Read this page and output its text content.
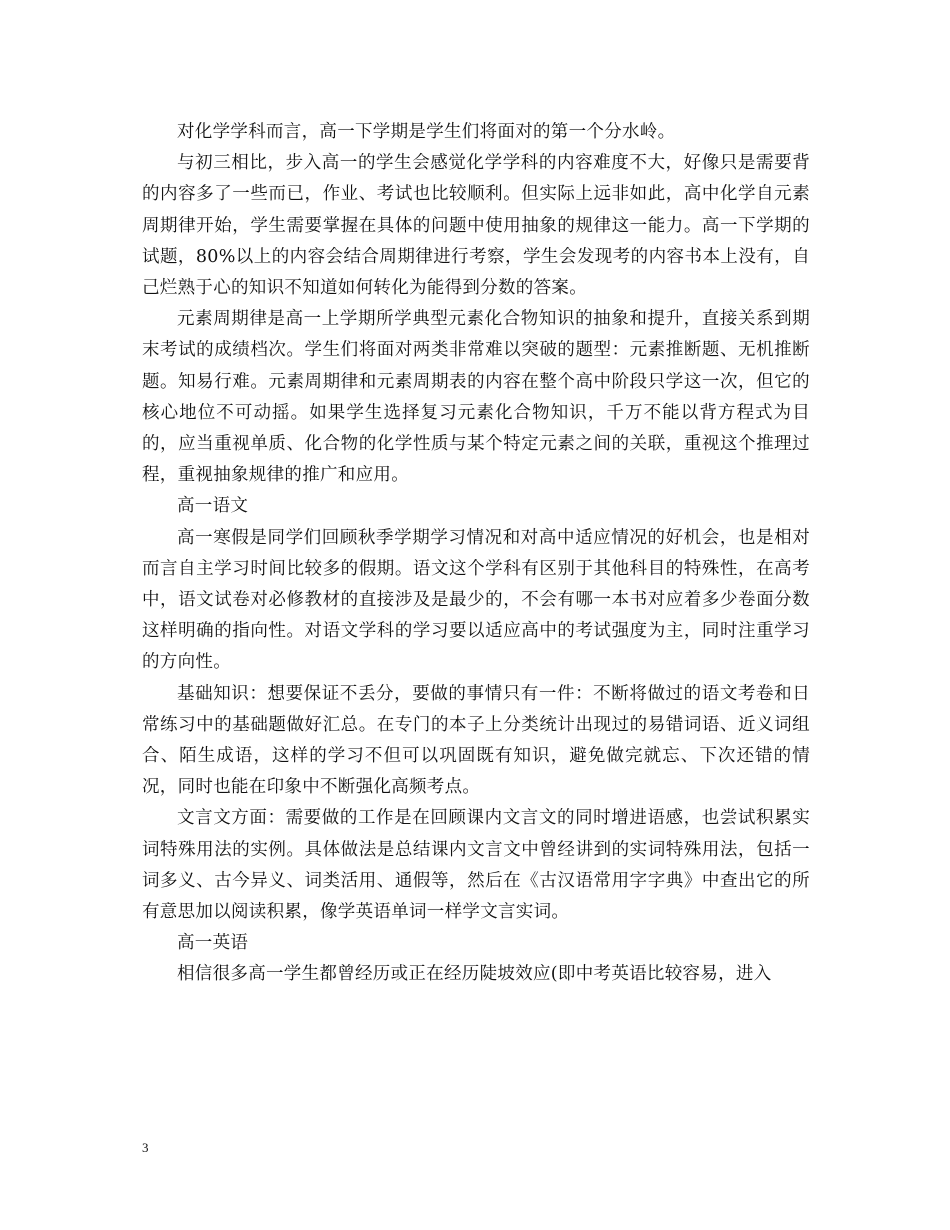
对化学学科而言，高一下学期是学生们将面对的第一个分水岭。

与初三相比，步入高一的学生会感觉化学学科的内容难度不大，好像只是需要背的内容多了一些而已，作业、考试也比较顺利。但实际上远非如此，高中化学自元素周期律开始，学生需要掌握在具体的问题中使用抽象的规律这一能力。高一下学期的试题，80%以上的内容会结合周期律进行考察，学生会发现考的内容书本上没有，自己烂熟于心的知识不知道如何转化为能得到分数的答案。

元素周期律是高一上学期所学典型元素化合物知识的抽象和提升，直接关系到期末考试的成绩档次。学生们将面对两类非常难以突破的题型：元素推断题、无机推断题。知易行难。元素周期律和元素周期表的内容在整个高中阶段只学这一次，但它的核心地位不可动摇。如果学生选择复习元素化合物知识，千万不能以背方程式为目的，应当重视单质、化合物的化学性质与某个特定元素之间的关联，重视这个推理过程，重视抽象规律的推广和应用。

高一语文

高一寒假是同学们回顾秋季学期学习情况和对高中适应情况的好机会，也是相对而言自主学习时间比较多的假期。语文这个学科有区别于其他科目的特殊性，在高考中，语文试卷对必修教材的直接涉及是最少的，不会有哪一本书对应着多少卷面分数这样明确的指向性。对语文学科的学习要以适应高中的考试强度为主，同时注重学习的方向性。

基础知识：想要保证不丢分，要做的事情只有一件：不断将做过的语文考卷和日常练习中的基础题做好汇总。在专门的本子上分类统计出现过的易错词语、近义词组合、陌生成语，这样的学习不但可以巩固既有知识，避免做完就忘、下次还错的情况，同时也能在印象中不断强化高频考点。

文言文方面：需要做的工作是在回顾课内文言文的同时增进语感，也尝试积累实词特殊用法的实例。具体做法是总结课内文言文中曾经讲到的实词特殊用法，包括一词多义、古今异义、词类活用、通假等，然后在《古汉语常用字字典》中查出它的所有意思加以阅读积累，像学英语单词一样学文言实词。

高一英语

相信很多高一学生都曾经历或正在经历陡坡效应(即中考英语比较容易，进入

3
